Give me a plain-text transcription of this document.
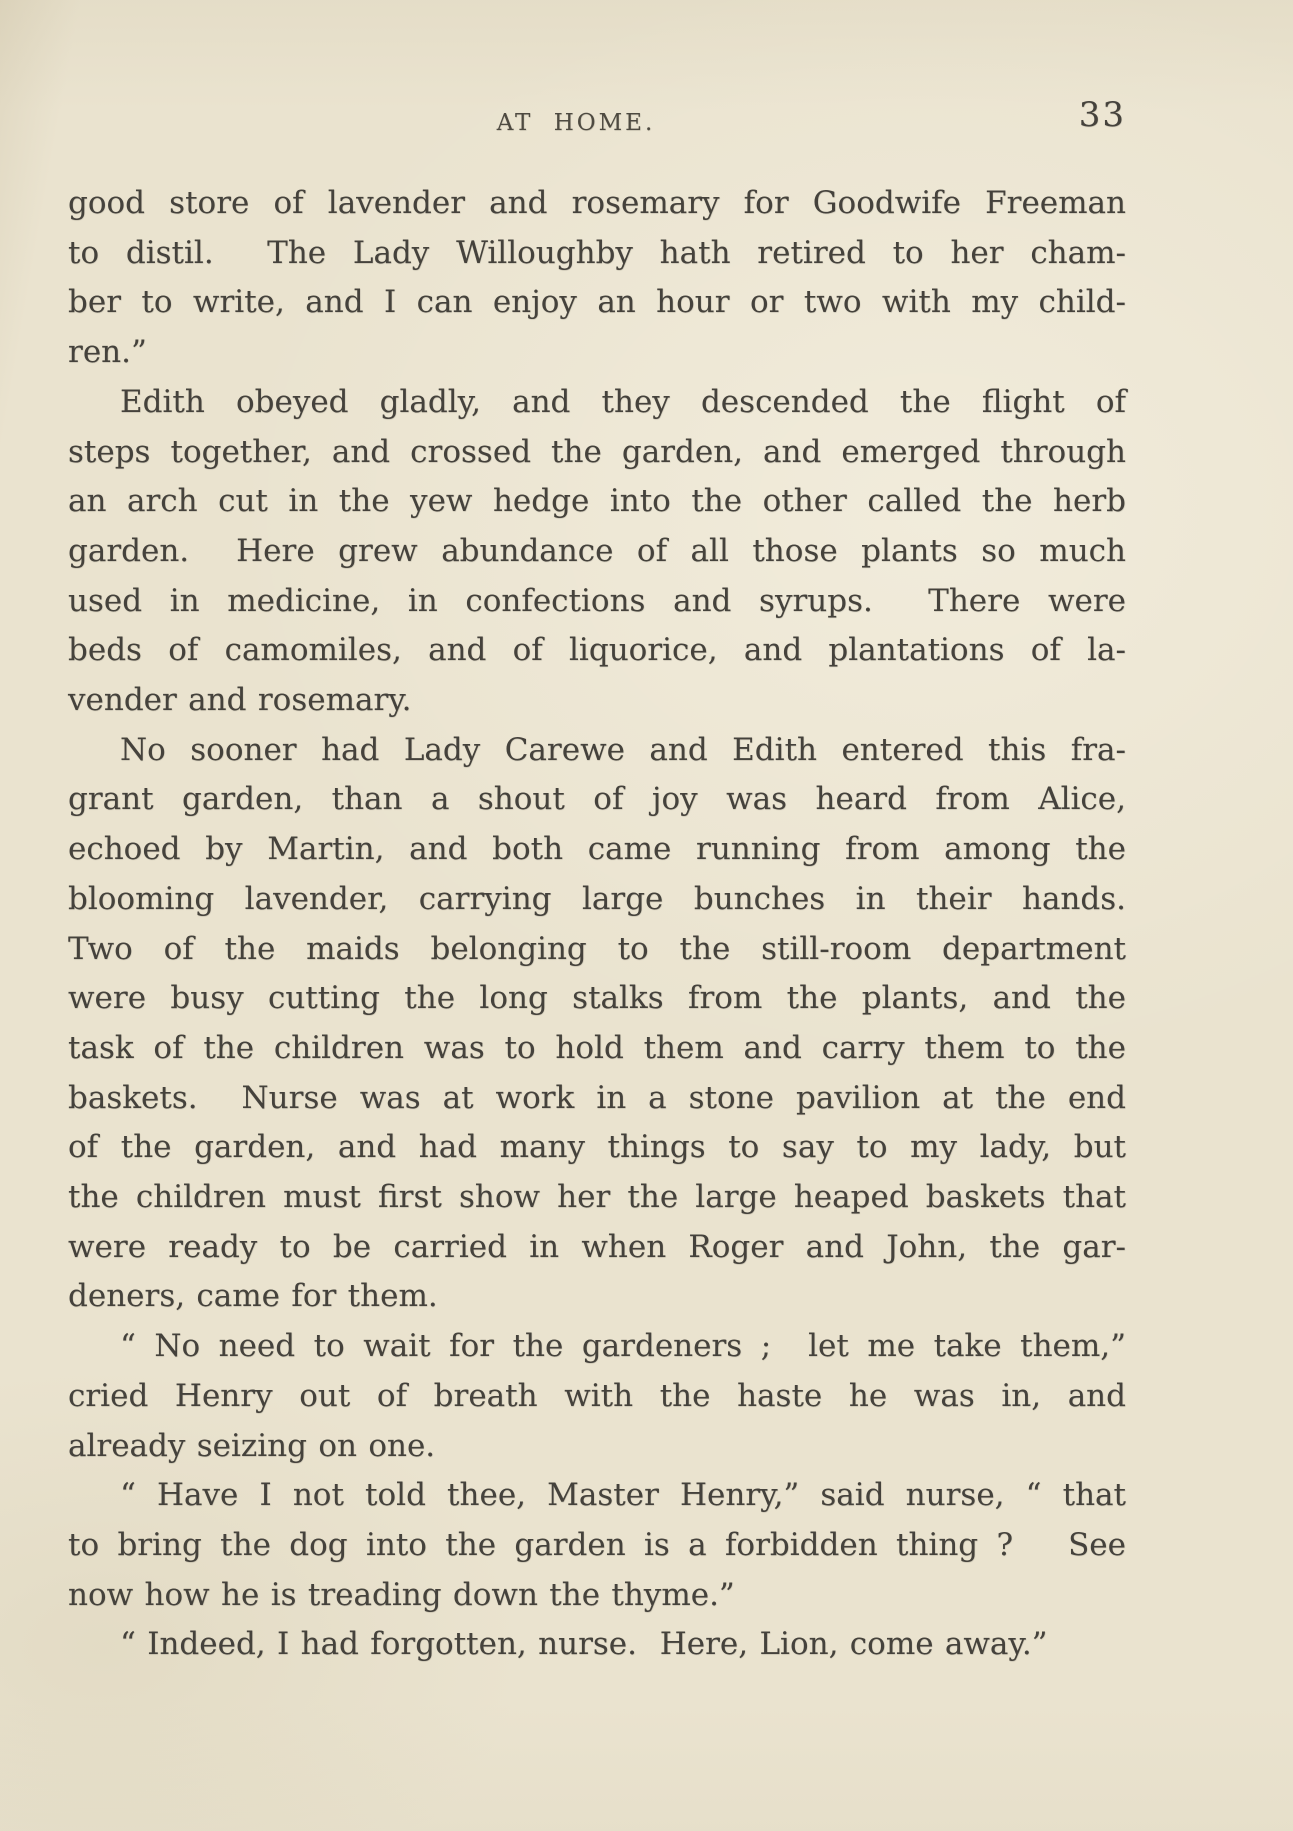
AT HOME.	33
good store of lavender and rosemary for Goodwife Freeman
to distil.  The Lady Willoughby hath retired to her cham-
ber to write, and I can enjoy an hour or two with my child-
ren.”
Edith obeyed gladly, and they descended the flight of
steps together, and crossed the garden, and emerged through
an arch cut in the yew hedge into the other called the herb
garden.  Here grew abundance of all those plants so much
used in medicine, in confections and syrups.  There were
beds of camomiles, and of liquorice, and plantations of la-
vender and rosemary.
No sooner had Lady Carewe and Edith entered this fra-
grant garden, than a shout of joy was heard from Alice,
echoed by Martin, and both came running from among the
blooming lavender, carrying large bunches in their hands.
Two of the maids belonging to the still-room department
were busy cutting the long stalks from the plants, and the
task of the children was to hold them and carry them to the
baskets.  Nurse was at work in a stone pavilion at the end
of the garden, and had many things to say to my lady, but
the children must first show her the large heaped baskets that
were ready to be carried in when Roger and John, the gar-
deners, came for them.
“ No need to wait for the gardeners ;  let me take them,”
cried Henry out of breath with the haste he was in, and
already seizing on one.
“ Have I not told thee, Master Henry,” said nurse, “ that
to bring the dog into the garden is a forbidden thing ?   See
now how he is treading down the thyme.”
“ Indeed, I had forgotten, nurse.  Here, Lion, come away.”
